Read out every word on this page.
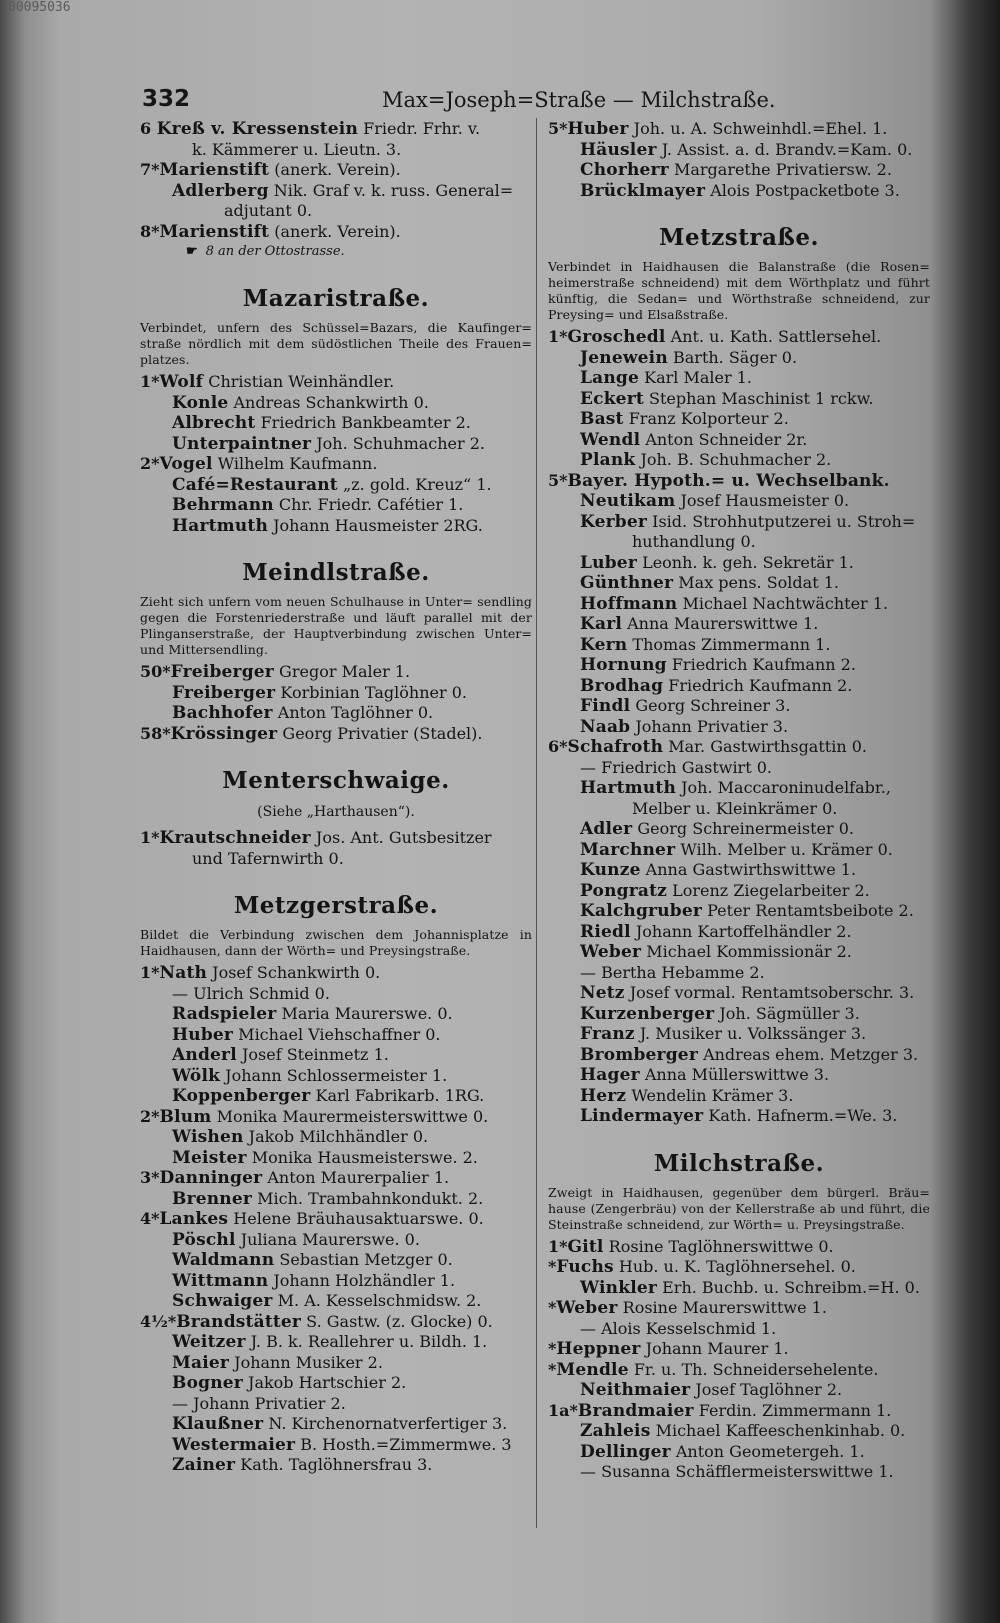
00095036
332	Max=Joseph=Straße — Milchstraße.
6 Kreß v. Kressenstein Friedr. Frhr. v.
k. Kämmerer u. Lieutn. 3.
7*Marienstift (anerk. Verein).
Adlerberg Nik. Graf v. k. russ. General=
adjutant 0.
8*Marienstift (anerk. Verein).
☛ 8 an der Ottostrasse.
Mazaristraße.
Verbindet, unfern des Schüssel=Bazars, die Kaufinger= straße nördlich mit dem südöstlichen Theile des Frauen= platzes.
1*Wolf Christian Weinhändler.
Konle Andreas Schankwirth 0.
Albrecht Friedrich Bankbeamter 2.
Unterpaintner Joh. Schuhmacher 2.
2*Vogel Wilhelm Kaufmann.
Café=Restaurant „z. gold. Kreuz“ 1.
Behrmann Chr. Friedr. Cafétier 1.
Hartmuth Johann Hausmeister 2RG.
Meindlstraße.
Zieht sich unfern vom neuen Schulhause in Unter= sendling gegen die Forstenriederstraße und läuft parallel mit der Plinganserstraße, der Hauptverbindung zwischen Unter= und Mittersendling.
50*Freiberger Gregor Maler 1.
Freiberger Korbinian Taglöhner 0.
Bachhofer Anton Taglöhner 0.
58*Krössinger Georg Privatier (Stadel).
Menterschwaige.
(Siehe „Harthausen“).
1*Krautschneider Jos. Ant. Gutsbesitzer
und Tafernwirth 0.
Metzgerstraße.
Bildet die Verbindung zwischen dem Johannisplatze in Haidhausen, dann der Wörth= und Preysingstraße.
1*Nath Josef Schankwirth 0.
— Ulrich Schmid 0.
Radspieler Maria Maurerswe. 0.
Huber Michael Viehschaffner 0.
Anderl Josef Steinmetz 1.
Wölk Johann Schlossermeister 1.
Koppenberger Karl Fabrikarb. 1RG.
2*Blum Monika Maurermeisterswittwe 0.
Wishen Jakob Milchhändler 0.
Meister Monika Hausmeisterswe. 2.
3*Danninger Anton Maurerpalier 1.
Brenner Mich. Trambahnkondukt. 2.
4*Lankes Helene Bräuhausaktuarswe. 0.
Pöschl Juliana Maurerswe. 0.
Waldmann Sebastian Metzger 0.
Wittmann Johann Holzhändler 1.
Schwaiger M. A. Kesselschmidsw. 2.
4½*Brandstätter S. Gastw. (z. Glocke) 0.
Weitzer J. B. k. Reallehrer u. Bildh. 1.
Maier Johann Musiker 2.
Bogner Jakob Hartschier 2.
— Johann Privatier 2.
Klaußner N. Kirchenornatverfertiger 3.
Westermaier B. Hosth.=Zimmermwe. 3
Zainer Kath. Taglöhnersfrau 3.
5*Huber Joh. u. A. Schweinhdl.=Ehel. 1.
Häusler J. Assist. a. d. Brandv.=Kam. 0.
Chorherr Margarethe Privatiersw. 2.
Brücklmayer Alois Postpacketbote 3.
Metzstraße.
Verbindet in Haidhausen die Balanstraße (die Rosen= heimerstraße schneidend) mit dem Wörthplatz und führt künftig, die Sedan= und Wörthstraße schneidend, zur Preysing= und Elsaßstraße.
1*Groschedl Ant. u. Kath. Sattlersehel.
Jenewein Barth. Säger 0.
Lange Karl Maler 1.
Eckert Stephan Maschinist 1 rckw.
Bast Franz Kolporteur 2.
Wendl Anton Schneider 2r.
Plank Joh. B. Schuhmacher 2.
5*Bayer. Hypoth.= u. Wechselbank.
Neutikam Josef Hausmeister 0.
Kerber Isid. Strohhutputzerei u. Stroh=
huthandlung 0.
Luber Leonh. k. geh. Sekretär 1.
Günthner Max pens. Soldat 1.
Hoffmann Michael Nachtwächter 1.
Karl Anna Maurerswittwe 1.
Kern Thomas Zimmermann 1.
Hornung Friedrich Kaufmann 2.
Brodhag Friedrich Kaufmann 2.
Findl Georg Schreiner 3.
Naab Johann Privatier 3.
6*Schafroth Mar. Gastwirthsgattin 0.
— Friedrich Gastwirt 0.
Hartmuth Joh. Maccaroninudelfabr.,
Melber u. Kleinkrämer 0.
Adler Georg Schreinermeister 0.
Marchner Wilh. Melber u. Krämer 0.
Kunze Anna Gastwirthswittwe 1.
Pongratz Lorenz Ziegelarbeiter 2.
Kalchgruber Peter Rentamtsbeibote 2.
Riedl Johann Kartoffelhändler 2.
Weber Michael Kommissionär 2.
— Bertha Hebamme 2.
Netz Josef vormal. Rentamtsoberschr. 3.
Kurzenberger Joh. Sägmüller 3.
Franz J. Musiker u. Volkssänger 3.
Bromberger Andreas ehem. Metzger 3.
Hager Anna Müllerswittwe 3.
Herz Wendelin Krämer 3.
Lindermayer Kath. Hafnerm.=We. 3.
Milchstraße.
Zweigt in Haidhausen, gegenüber dem bürgerl. Bräu= hause (Zengerbräu) von der Kellerstraße ab und führt, die Steinstraße schneidend, zur Wörth= u. Preysingstraße.
1*Gitl Rosine Taglöhnerswittwe 0.
*Fuchs Hub. u. K. Taglöhnersehel. 0.
Winkler Erh. Buchb. u. Schreibm.=H. 0.
*Weber Rosine Maurerswittwe 1.
— Alois Kesselschmid 1.
*Heppner Johann Maurer 1.
*Mendle Fr. u. Th. Schneidersehelente.
Neithmaier Josef Taglöhner 2.
1a*Brandmaier Ferdin. Zimmermann 1.
Zahleis Michael Kaffeeschenkinhab. 0.
Dellinger Anton Geometergeh. 1.
— Susanna Schäfflermeisterswittwe 1.
